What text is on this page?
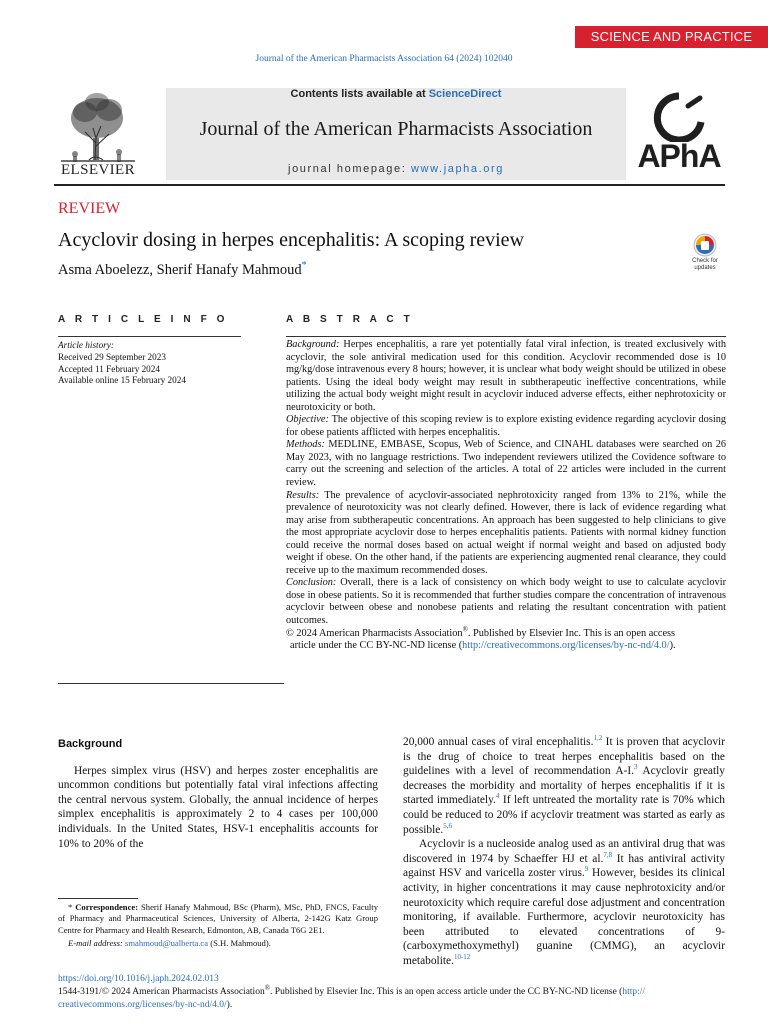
SCIENCE AND PRACTICE
Journal of the American Pharmacists Association 64 (2024) 102040
ELSEVIER
Contents lists available at ScienceDirect
Journal of the American Pharmacists Association
journal homepage: www.japha.org	APhA
REVIEW
Acyclovir dosing in herpes encephalitis: A scoping review
Asma Aboelezz, Sherif Hanafy Mahmoud*	Check for updates
A R T I C L E I N F O	A B S T R A C T
Article history:
Received 29 September 2023
Accepted 11 February 2024
Available online 15 February 2024

Background: Herpes encephalitis, a rare yet potentially fatal viral infection, is treated exclusively with acyclovir, the sole antiviral medication used for this condition. Acyclovir recommended dose is 10 mg/kg/dose intravenous every 8 hours; however, it is unclear what body weight should be utilized in obese patients. Using the ideal body weight may result in subtherapeutic ineffective concentrations, while utilizing the actual body weight might result in acyclovir induced adverse effects, either nephrotoxicity or neurotoxicity or both.

Objective: The objective of this scoping review is to explore existing evidence regarding acyclovir dosing for obese patients afflicted with herpes encephalitis.

Methods: MEDLINE, EMBASE, Scopus, Web of Science, and CINAHL databases were searched on 26 May 2023, with no language restrictions. Two independent reviewers utilized the Covidence software to carry out the screening and selection of the articles. A total of 22 articles were included in the current review.

Results: The prevalence of acyclovir-associated nephrotoxicity ranged from 13% to 21%, while the prevalence of neurotoxicity was not clearly defined. However, there is lack of evidence regarding what may arise from subtherapeutic concentrations. An approach has been suggested to help clinicians to give the most appropriate acyclovir dose to herpes encephalitis patients. Patients with normal kidney function could receive the normal doses based on actual weight if normal weight and based on adjusted body weight if obese. On the other hand, if the patients are experiencing augmented renal clearance, they could receive up to the maximum recommended doses.

Conclusion: Overall, there is a lack of consistency on which body weight to use to calculate acyclovir dose in obese patients. So it is recommended that further studies compare the concentration of intravenous acyclovir between obese and nonobese patients and relating the resultant concentration with patient outcomes.

© 2024 American Pharmacists Association®. Published by Elsevier Inc. This is an open access
article under the CC BY-NC-ND license (http://creativecommons.org/licenses/by-nc-nd/4.0/).

Background

Herpes simplex virus (HSV) and herpes zoster encephalitis are uncommon conditions but potentially fatal viral infections affecting the central nervous system. Globally, the annual incidence of herpes simplex encephalitis is approximately 2 to 4 cases per 100,000 individuals. In the United States, HSV-1 encephalitis accounts for 10% to 20% of the

20,000 annual cases of viral encephalitis.$^{1,2}$ It is proven that acyclovir is the drug of choice to treat herpes encephalitis based on the guidelines with a level of recommendation A-I.$^3$ Acyclovir greatly decreases the morbidity and mortality of herpes encephalitis if it is started immediately.$^4$ If left untreated the mortality rate is 70% which could be reduced to 20% if acyclovir treatment was started as early as possible.$^{5,6}$

Acyclovir is a nucleoside analog used as an antiviral drug that was discovered in 1974 by Schaeffer HJ et al.$^{7,8}$ It has antiviral activity against HSV and varicella zoster virus.$^9$ However, besides its clinical activity, in higher concentrations it may cause nephrotoxicity and/or neurotoxicity which require careful dose adjustment and concentration monitoring, if available. Furthermore, acyclovir neurotoxicity has been attributed to elevated concentrations of 9-(carboxymethoxymethyl) guanine (CMMG), an acyclovir metabolite.$^{10-12}$

* Correspondence: Sherif Hanafy Mahmoud, BSc (Pharm), MSc, PhD, FNCS, Faculty of Pharmacy and Pharmaceutical Sciences, University of Alberta, 2-142G Katz Group Centre for Pharmacy and Health Research, Edmonton, AB, Canada T6G 2E1.

E-mail address: smahmoud@ualberta.ca (S.H. Mahmoud).

https://doi.org/10.1016/j.japh.2024.02.013
1544-3191/© 2024 American Pharmacists Association®. Published by Elsevier Inc. This is an open access article under the CC BY-NC-ND license (http://
creativecommons.org/licenses/by-nc-nd/4.0/).
